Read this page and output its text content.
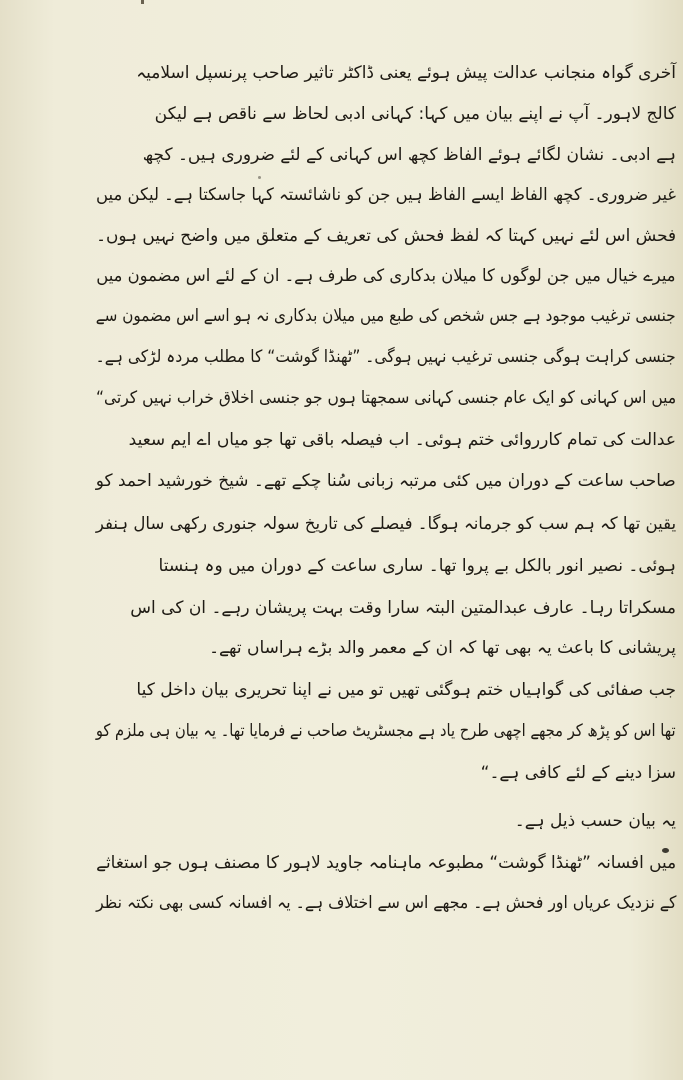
آخری گواہ منجانب عدالت پیش ہوئے یعنی ڈاکٹر تاثیر صاحب پرنسپل اسلامیہ
کالج لاہور۔ آپ نے اپنے بیان میں کہا: کہانی ادبی لحاظ سے ناقص ہے لیکن
ہے ادبی۔ نشان لگائے ہوئے الفاظ کچھ اس کہانی کے لئے ضروری ہیں۔ کچھ
غیر ضروری۔ کچھ الفاظ ایسے الفاظ ہیں جن کو ناشائستہ کہا جاسکتا ہے۔ لیکن میں
فحش اس لئے نہیں کہتا کہ لفظ فحش کی تعریف کے متعلق میں واضح نہیں ہوں۔
میرے خیال میں جن لوگوں کا میلان بدکاری کی طرف ہے۔ ان کے لئے اس مضمون میں
جنسی ترغیب موجود ہے جس شخص کی طبع میں میلان بدکاری نہ ہو اسے اس مضمون سے
جنسی کراہت ہوگی جنسی ترغیب نہیں ہوگی۔ ”ٹھنڈا گوشت“ کا مطلب مردہ لڑکی ہے۔
میں اس کہانی کو ایک عام جنسی کہانی سمجھتا ہوں جو جنسی اخلاق خراب نہیں کرتی“
عدالت کی تمام کارروائی ختم ہوئی۔ اب فیصلہ باقی تھا جو میاں اے ایم سعید
صاحب ساعت کے دوران میں کئی مرتبہ زبانی سُنا چکے تھے۔ شیخ خورشید احمد کو
یقین تھا کہ ہم سب کو جرمانہ ہوگا۔ فیصلے کی تاریخ سولہ جنوری رکھی سال ہنفر
ہوئی۔ نصیر انور بالکل بے پروا تھا۔ ساری ساعت کے دوران میں وہ ہنستا
مسکراتا رہا۔ عارف عبدالمتین البتہ سارا وقت بہت پریشان رہے۔ ان کی اس
پریشانی کا باعث یہ بھی تھا کہ ان کے معمر والد بڑے ہراساں تھے۔
جب صفائی کی گواہیاں ختم ہوگئی تھیں تو میں نے اپنا تحریری بیان داخل کیا
تھا اس کو پڑھ کر مجھے اچھی طرح یاد ہے مجسٹریٹ صاحب نے فرمایا تھا۔ یہ بیان ہی ملزم کو
سزا دینے کے لئے کافی ہے۔“
یہ بیان حسب ذیل ہے۔
میں افسانہ ”ٹھنڈا گوشت“ مطبوعہ ماہنامہ جاوید لاہور کا مصنف ہوں جو استغاثے
کے نزدیک عریاں اور فحش ہے۔ مجھے اس سے اختلاف ہے۔ یہ افسانہ کسی بھی نکتہ نظر
